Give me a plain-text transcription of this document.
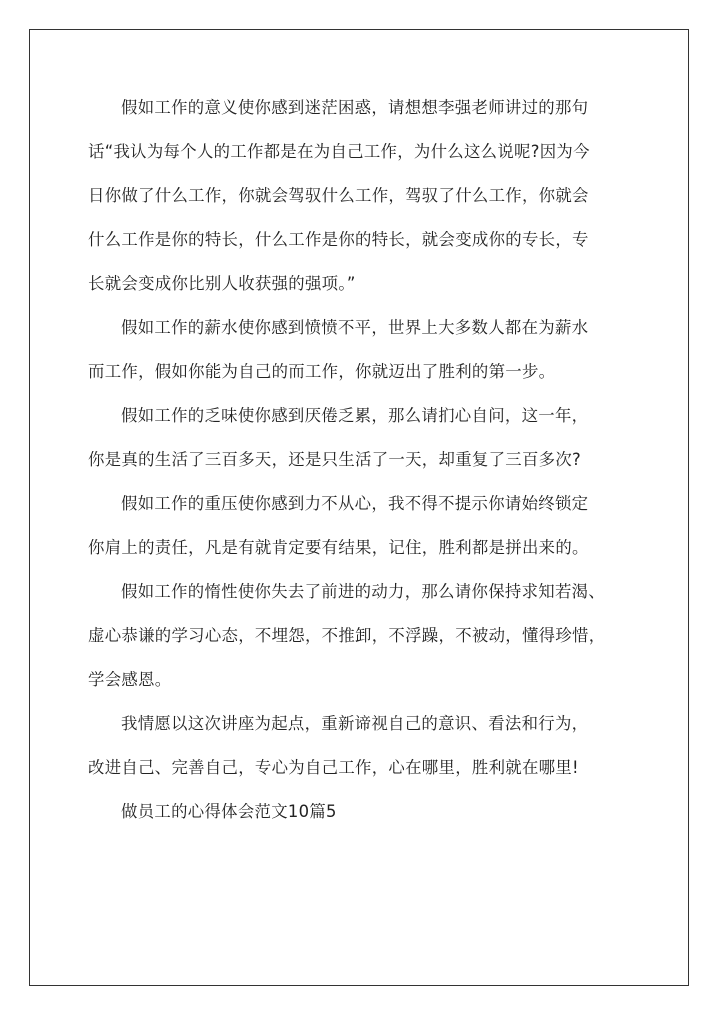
假如工作的意义使你感到迷茫困惑，请想想李强老师讲过的那句
话“我认为每个人的工作都是在为自己工作，为什么这么说呢?因为今
日你做了什么工作，你就会驾驭什么工作，驾驭了什么工作，你就会
什么工作是你的特长，什么工作是你的特长，就会变成你的专长，专
长就会变成你比别人收获强的强项。”
假如工作的薪水使你感到愤愤不平，世界上大多数人都在为薪水
而工作，假如你能为自己的而工作，你就迈出了胜利的第一步。
假如工作的乏味使你感到厌倦乏累，那么请扪心自问，这一年，
你是真的生活了三百多天，还是只生活了一天，却重复了三百多次?
假如工作的重压使你感到力不从心，我不得不提示你请始终锁定
你肩上的责任，凡是有就肯定要有结果，记住，胜利都是拼出来的。
假如工作的惰性使你失去了前进的动力，那么请你保持求知若渴、
虚心恭谦的学习心态，不埋怨，不推卸，不浮躁，不被动，懂得珍惜，
学会感恩。
我情愿以这次讲座为起点，重新谛视自己的意识、看法和行为，
改进自己、完善自己，专心为自己工作，心在哪里，胜利就在哪里!
做员工的心得体会范文10篇5
